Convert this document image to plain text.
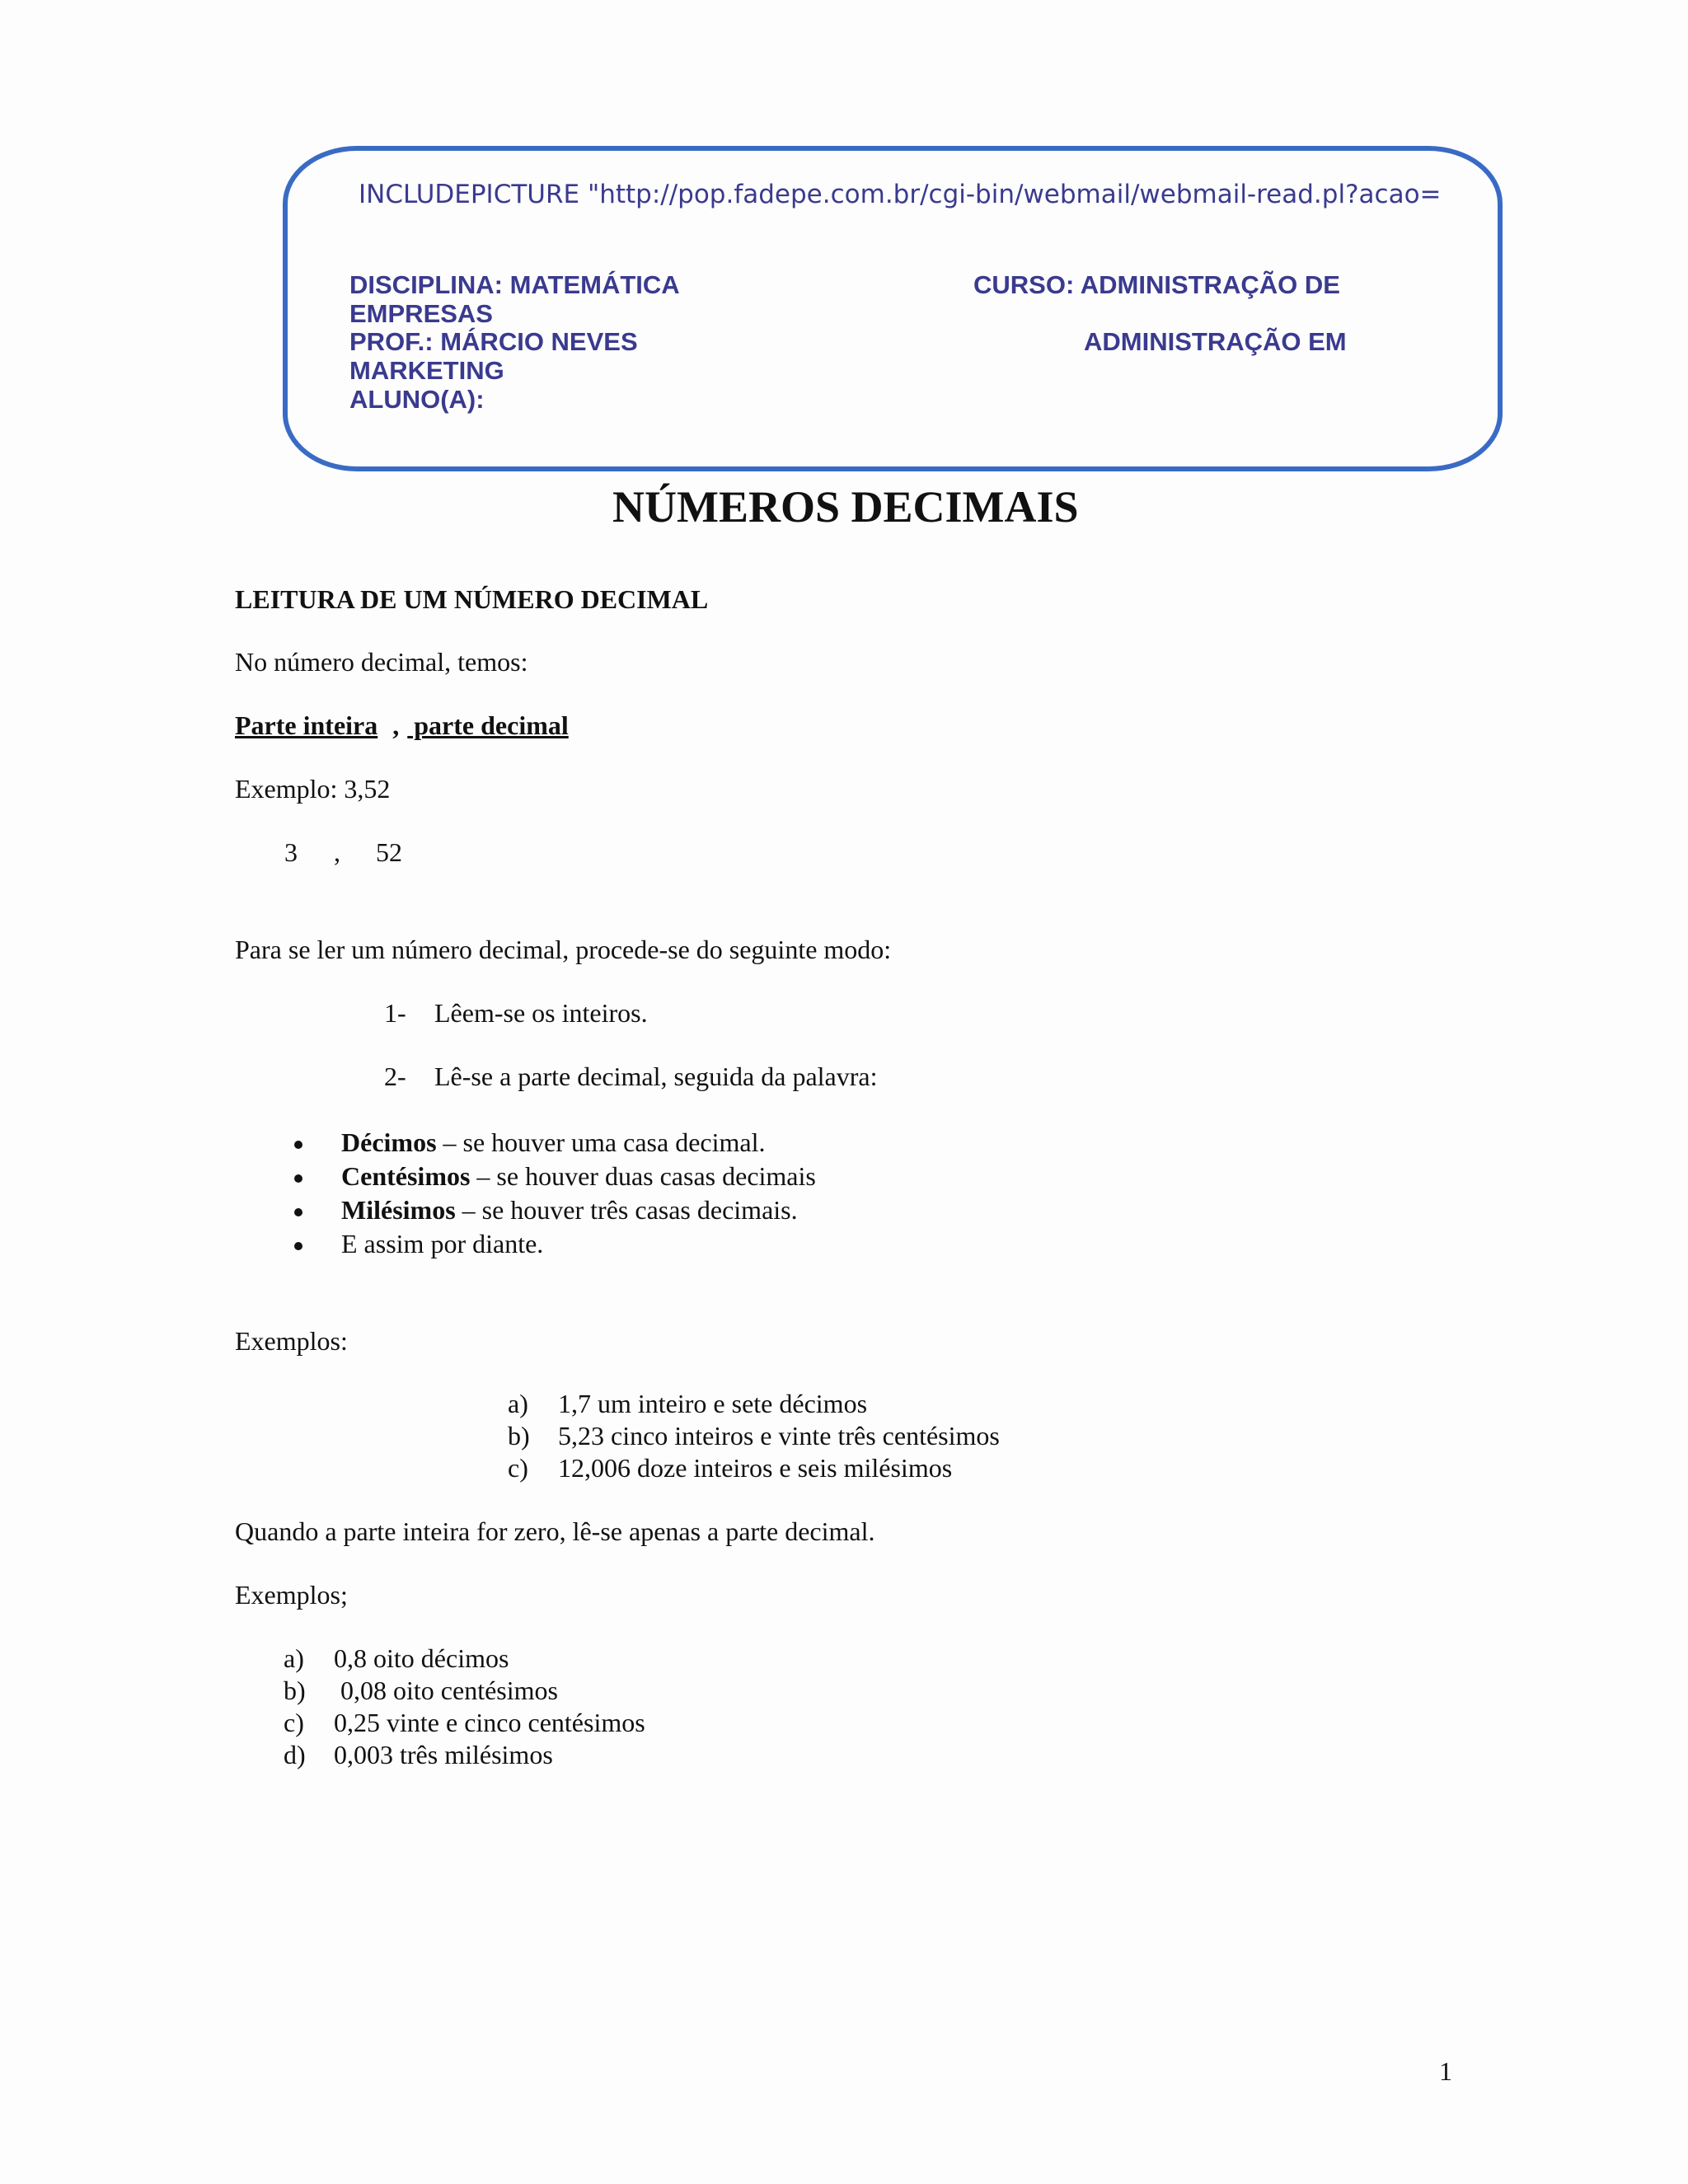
INCLUDEPICTURE "http://pop.fadepe.com.br/cgi-bin/webmail/webmail-read.pl?acao=
DISCIPLINA: MATEMÁTICA	CURSO: ADMINISTRAÇÃO DE
EMPRESAS
PROF.: MÁRCIO NEVES	ADMINISTRAÇÃO EM
MARKETING
ALUNO(A):
NÚMEROS DECIMAIS
LEITURA DE UM NÚMERO DECIMAL
No número decimal, temos:
Parte inteira , parte decimal
Exemplo: 3,52
3 , 52
Para se ler um número decimal, procede-se do seguinte modo:
1- Lêem-se os inteiros.
2- Lê-se a parte decimal, seguida da palavra:
Décimos – se houver uma casa decimal.
Centésimos – se houver duas casas decimais
Milésimos – se houver três casas decimais.
E assim por diante.
Exemplos:
a) 1,7 um inteiro e sete décimos
b) 5,23 cinco inteiros e vinte três centésimos
c) 12,006 doze inteiros e seis milésimos
Quando a parte inteira for zero, lê-se apenas a parte decimal.
Exemplos;
a) 0,8 oito décimos
b) 0,08 oito centésimos
c) 0,25 vinte e cinco centésimos
d) 0,003 três milésimos
1
